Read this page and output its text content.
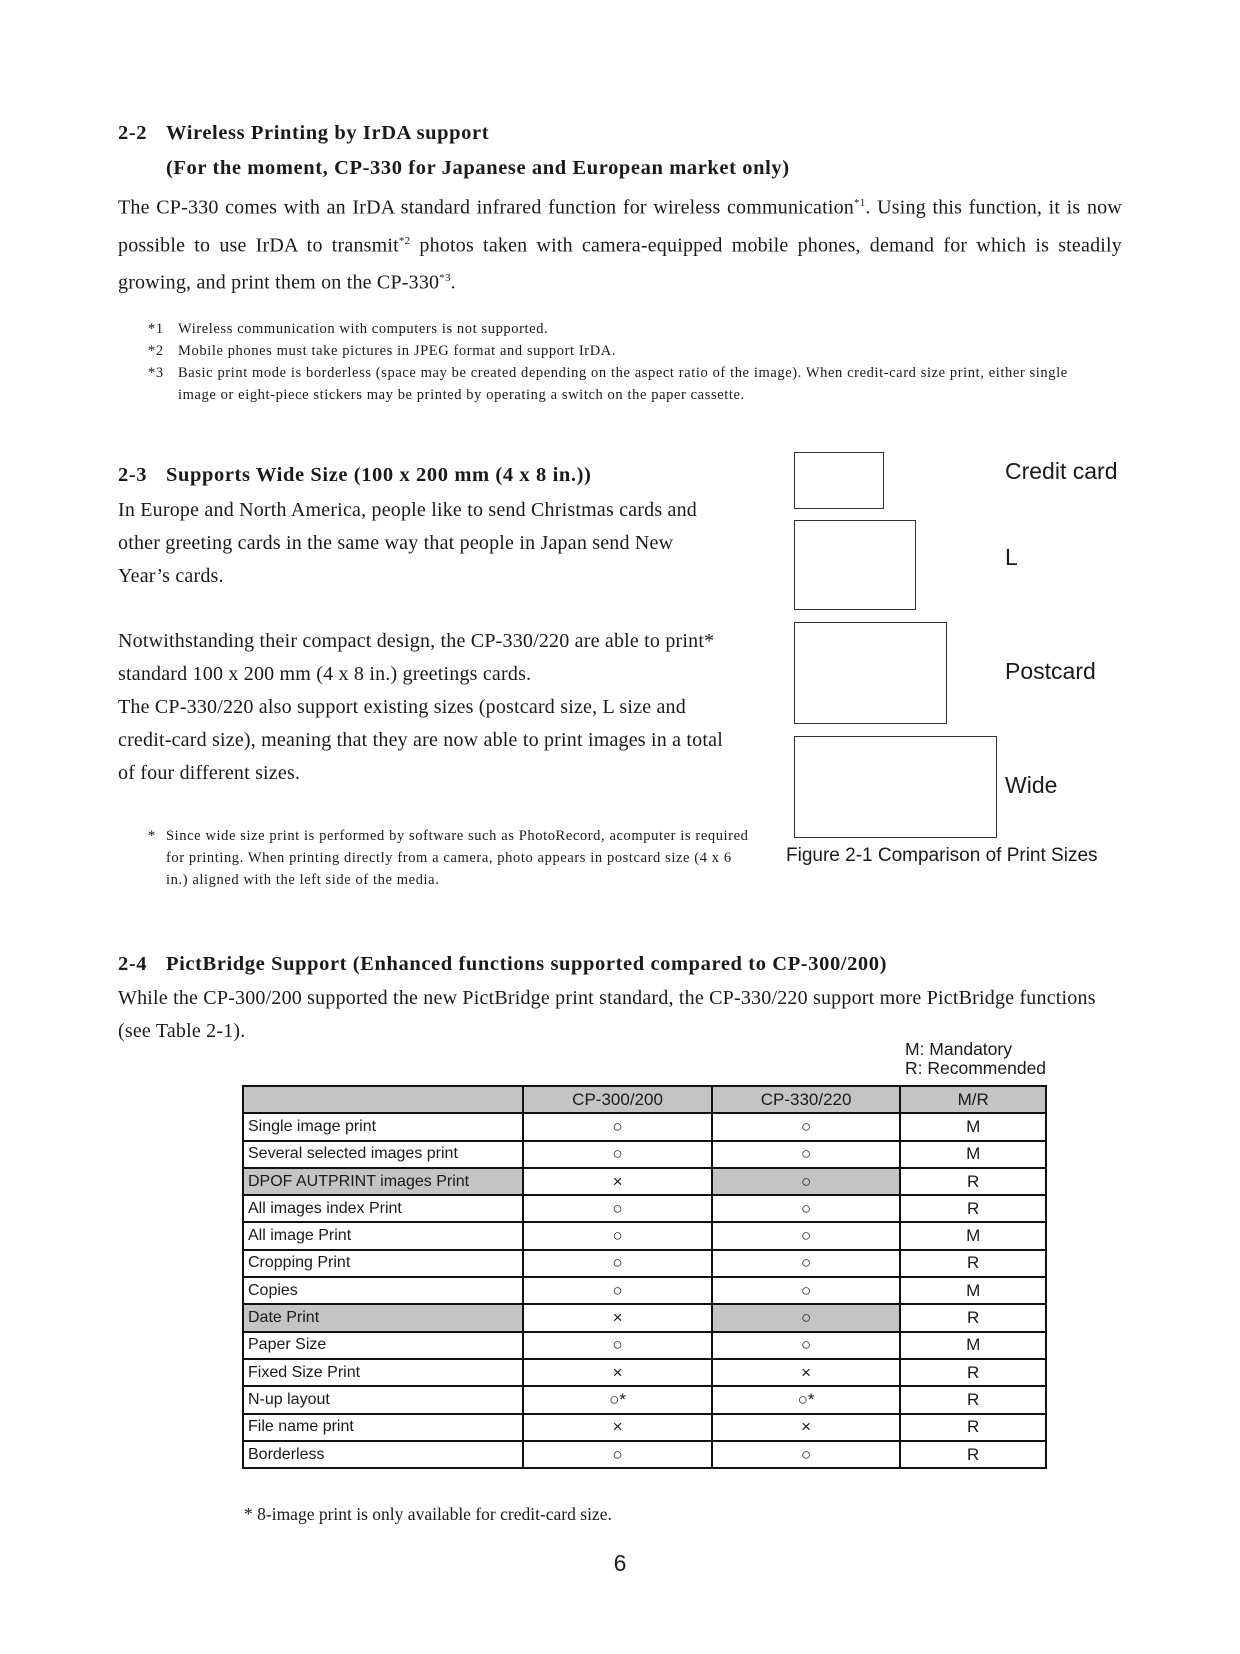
2-2 Wireless Printing by IrDA support
(For the moment, CP-330 for Japanese and European market only)
The CP-330 comes with an IrDA standard infrared function for wireless communication$^{*1}$. Using this function, it is now possible to use IrDA to transmit$^{*2}$ photos taken with camera-equipped mobile phones, demand for which is steadily growing, and print them on the CP-330$^{*3}$.
*1 Wireless communication with computers is not supported.
*2 Mobile phones must take pictures in JPEG format and support IrDA.
*3 Basic print mode is borderless (space may be created depending on the aspect ratio of the image). When credit-card size print, either single image or eight-piece stickers may be printed by operating a switch on the paper cassette.
2-3 Supports Wide Size (100 x 200 mm (4 x 8 in.))
In Europe and North America, people like to send Christmas cards and other greeting cards in the same way that people in Japan send New Year’s cards.
Notwithstanding their compact design, the CP-330/220 are able to print* standard 100 x 200 mm (4 x 8 in.) greetings cards.
The CP-330/220 also support existing sizes (postcard size, L size and credit-card size), meaning that they are now able to print images in a total of four different sizes.
* Since wide size print is performed by software such as PhotoRecord, acomputer is required for printing. When printing directly from a camera, photo appears in postcard size (4 x 6 in.) aligned with the left side of the media.
Credit card
L
Postcard
Wide
Figure 2-1 Comparison of Print Sizes
2-4 PictBridge Support (Enhanced functions supported compared to CP-300/200)
While the CP-300/200 supported the new PictBridge print standard, the CP-330/220 support more PictBridge functions (see Table 2-1).
M: Mandatory
R: Recommended
	CP-300/200	CP-330/220	M/R
Single image print	○	○	M
Several selected images print	○	○	M
DPOF AUTPRINT images Print	×	○	R
All images index Print	○	○	R
All image Print	○	○	M
Cropping Print	○	○	R
Copies	○	○	M
Date Print	×	○	R
Paper Size	○	○	M
Fixed Size Print	×	×	R
N-up layout	○*	○*	R
File name print	×	×	R
Borderless	○	○	R
* 8-image print is only available for credit-card size.
6
